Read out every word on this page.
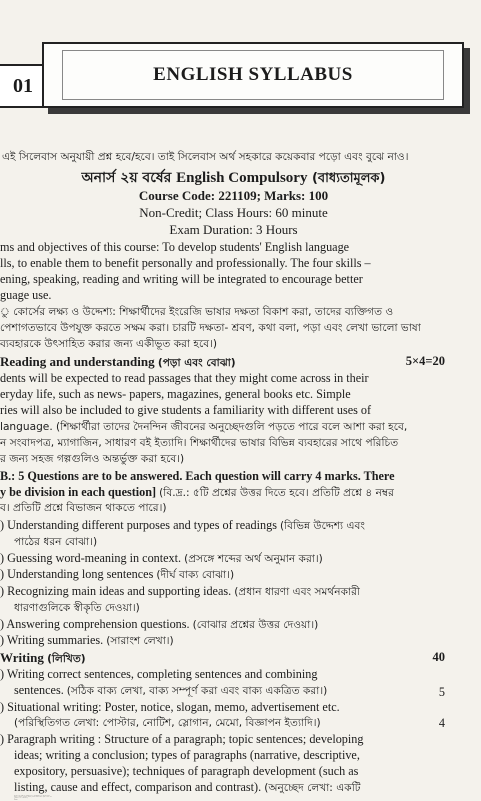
01
ENGLISH SYLLABUS
এই সিলেবাস অনুযায়ী প্রশ্ন হবে/হবে। তাই সিলেবাস অর্থ সহকারে কয়েকবার পড়ো এবং বুঝে নাও।
অনার্স ২য় বর্ষের English Compulsory (বাধ্যতামূলক)
Course Code: 221109; Marks: 100
Non-Credit; Class Hours: 60 minute
Exam Duration: 3 Hours
ms and objectives of this course: To develop students' English language
lls, to enable them to benefit personally and professionally. The four skills –
ening, speaking, reading and writing will be integrated to encourage better
guage use.
ু কোর্সের লক্ষ্য ও উদ্দেশ্য: শিক্ষার্থীদের ইংরেজি ভাষার দক্ষতা বিকাশ করা, তাদের ব্যক্তিগত ও
পেশাগতভাবে উপযুক্ত করতে সক্ষম করা। চারটি দক্ষতা- শ্রবণ, কথা বলা, পড়া এবং লেখা ভালো ভাষা
ব্যবহারকে উৎসাহিত করার জন্য একীভূত করা হবে।)
Reading and understanding (পড়া এবং বোঝা)	5×4=20
dents will be expected to read passages that they might come across in their
eryday life, such as news- papers, magazines, general books etc. Simple
ries will also be included to give students a familiarity with different uses of
language. (শিক্ষার্থীরা তাদের দৈনন্দিন জীবনের অনুচ্ছেদগুলি পড়তে পারে বলে আশা করা হবে,
ন সংবাদপত্র, ম্যাগাজিন, সাধারণ বই ইত্যাদি। শিক্ষার্থীদের ভাষার বিভিন্ন ব্যবহারের সাথে পরিচিত
র জন্য সহজ গল্পগুলিও অন্তর্ভুক্ত করা হবে।)
B.: 5 Questions are to be answered. Each question will carry 4 marks. There
y be division in each question] (বি.দ্র.: ৫টি প্রশ্নের উত্তর দিতে হবে। প্রতিটি প্রশ্নে ৪ নম্বর
ব। প্রতিটি প্রশ্নে বিভাজন থাকতে পারে।)
) Understanding different purposes and types of readings (বিভিন্ন উদ্দেশ্য এবং
পাঠের ধরন বোঝা।)
) Guessing word-meaning in context. (প্রসঙ্গে শব্দের অর্থ অনুমান করা।)
) Understanding long sentences (দীর্ঘ বাক্য বোঝা।)
) Recognizing main ideas and supporting ideas. (প্রধান ধারণা এবং সমর্থনকারী
ধারণাগুলিকে স্বীকৃতি দেওয়া।)
) Answering comprehension questions. (বোঝার প্রশ্নের উত্তর দেওয়া।)
) Writing summaries. (সারাংশ লেখা।)
Writing (লিখিত)	40
) Writing correct sentences, completing sentences and combining
sentences. (সঠিক বাক্য লেখা, বাক্য সম্পূর্ণ করা এবং বাক্য একত্রিত করা।)	5
) Situational writing: Poster, notice, slogan, memo, advertisement etc.
(পরিস্থিতিগত লেখা: পোস্টার, নোটিশ, স্লোগান, মেমো, বিজ্ঞাপন ইত্যাদি।)	4
) Paragraph writing : Structure of a paragraph; topic sentences; developing
ideas; writing a conclusion; types of paragraphs (narrative, descriptive,
expository, persuasive); techniques of paragraph development (such as
listing, cause and effect, comparison and contrast). (অনুচ্ছেদ লেখা: একটি
অনুচ্ছেদের গঠন; বিষয় বাক্য; উন্নয়নশীল ধারণা; একটি উপসংহার লেখা; অনুচ্ছেদের প্রকার
(আখ্যান, বর্ণনামূলক, ব্যাখ্যামূলক, প্ররোচিত); অনুচ্ছেদ উন্নয়নের কৌশল (যেমন: তালিকা, কারণ
এবং প্রভাব, তুলনা এবং বৈসাদৃশ্য)।
8
